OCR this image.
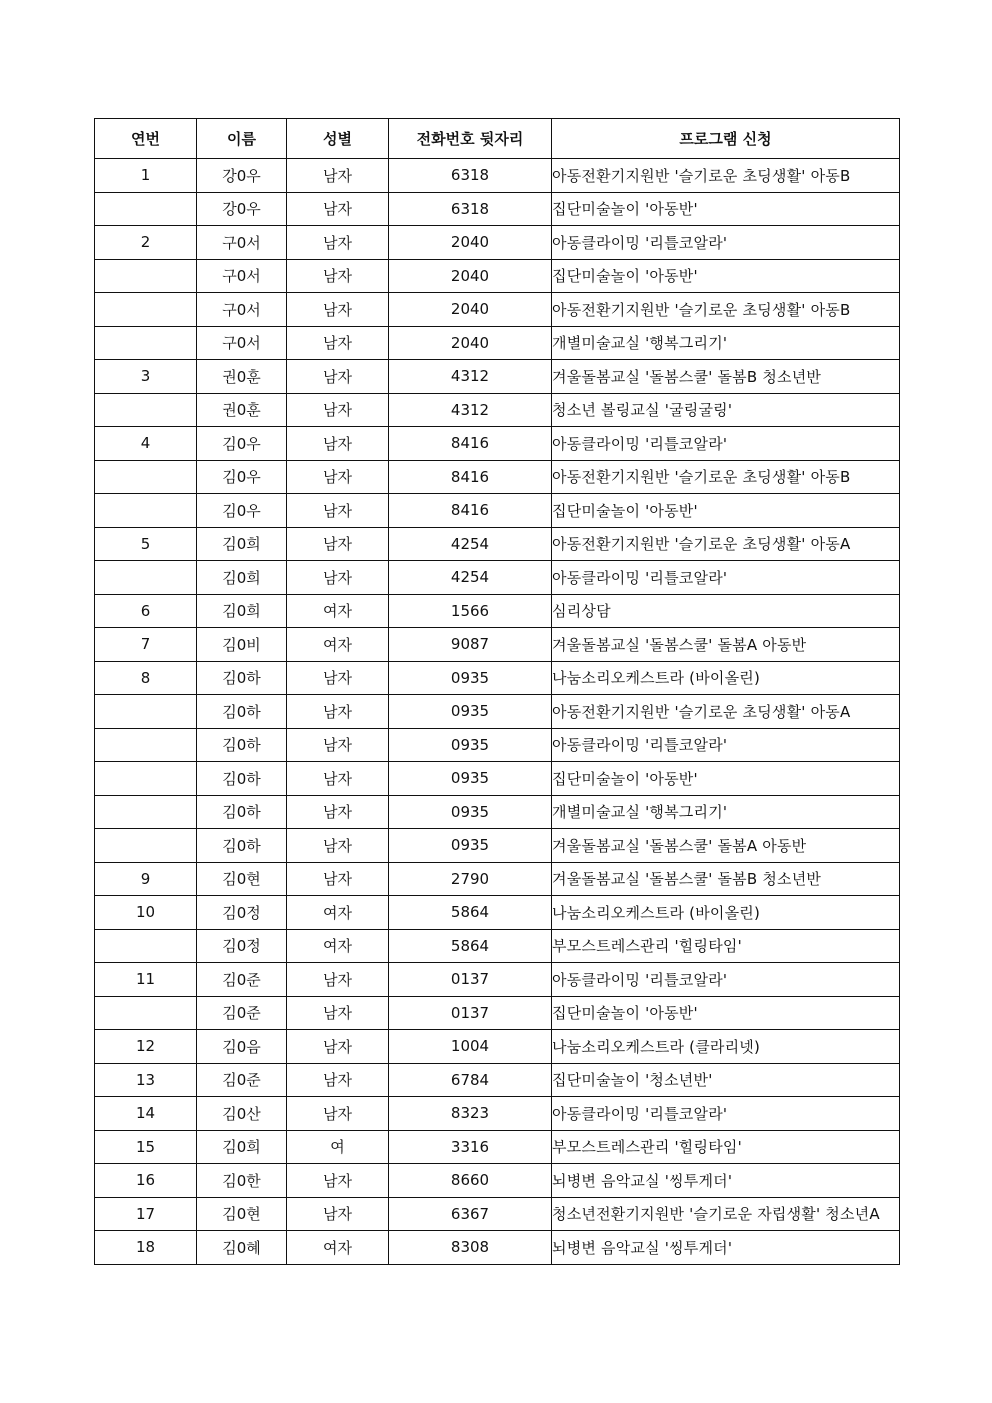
연번	이름	성별	전화번호 뒷자리	프로그램 신청
1	강0우	남자	6318	아동전환기지원반 '슬기로운 초딩생활' 아동B
	강0우	남자	6318	집단미술놀이 '아동반'
2	구0서	남자	2040	아동클라이밍 '리틀코알라'
	구0서	남자	2040	집단미술놀이 '아동반'
	구0서	남자	2040	아동전환기지원반 '슬기로운 초딩생활' 아동B
	구0서	남자	2040	개별미술교실 '행복그리기'
3	권0훈	남자	4312	겨울돌봄교실 '돌봄스쿨' 돌봄B 청소년반
	권0훈	남자	4312	청소년 볼링교실 '굴링굴링'
4	김0우	남자	8416	아동클라이밍 '리틀코알라'
	김0우	남자	8416	아동전환기지원반 '슬기로운 초딩생활' 아동B
	김0우	남자	8416	집단미술놀이 '아동반'
5	김0희	남자	4254	아동전환기지원반 '슬기로운 초딩생활' 아동A
	김0희	남자	4254	아동클라이밍 '리틀코알라'
6	김0희	여자	1566	심리상담
7	김0비	여자	9087	겨울돌봄교실 '돌봄스쿨' 돌봄A 아동반
8	김0하	남자	0935	나눔소리오케스트라 (바이올린)
	김0하	남자	0935	아동전환기지원반 '슬기로운 초딩생활' 아동A
	김0하	남자	0935	아동클라이밍 '리틀코알라'
	김0하	남자	0935	집단미술놀이 '아동반'
	김0하	남자	0935	개별미술교실 '행복그리기'
	김0하	남자	0935	겨울돌봄교실 '돌봄스쿨' 돌봄A 아동반
9	김0현	남자	2790	겨울돌봄교실 '돌봄스쿨' 돌봄B 청소년반
10	김0정	여자	5864	나눔소리오케스트라 (바이올린)
	김0정	여자	5864	부모스트레스관리 '힐링타임'
11	김0준	남자	0137	아동클라이밍 '리틀코알라'
	김0준	남자	0137	집단미술놀이 '아동반'
12	김0음	남자	1004	나눔소리오케스트라 (클라리넷)
13	김0준	남자	6784	집단미술놀이 '청소년반'
14	김0산	남자	8323	아동클라이밍 '리틀코알라'
15	김0희	여	3316	부모스트레스관리 '힐링타임'
16	김0한	남자	8660	뇌병변 음악교실 '씽투게더'
17	김0현	남자	6367	청소년전환기지원반 '슬기로운 자립생활' 청소년A
18	김0혜	여자	8308	뇌병변 음악교실 '씽투게더'
